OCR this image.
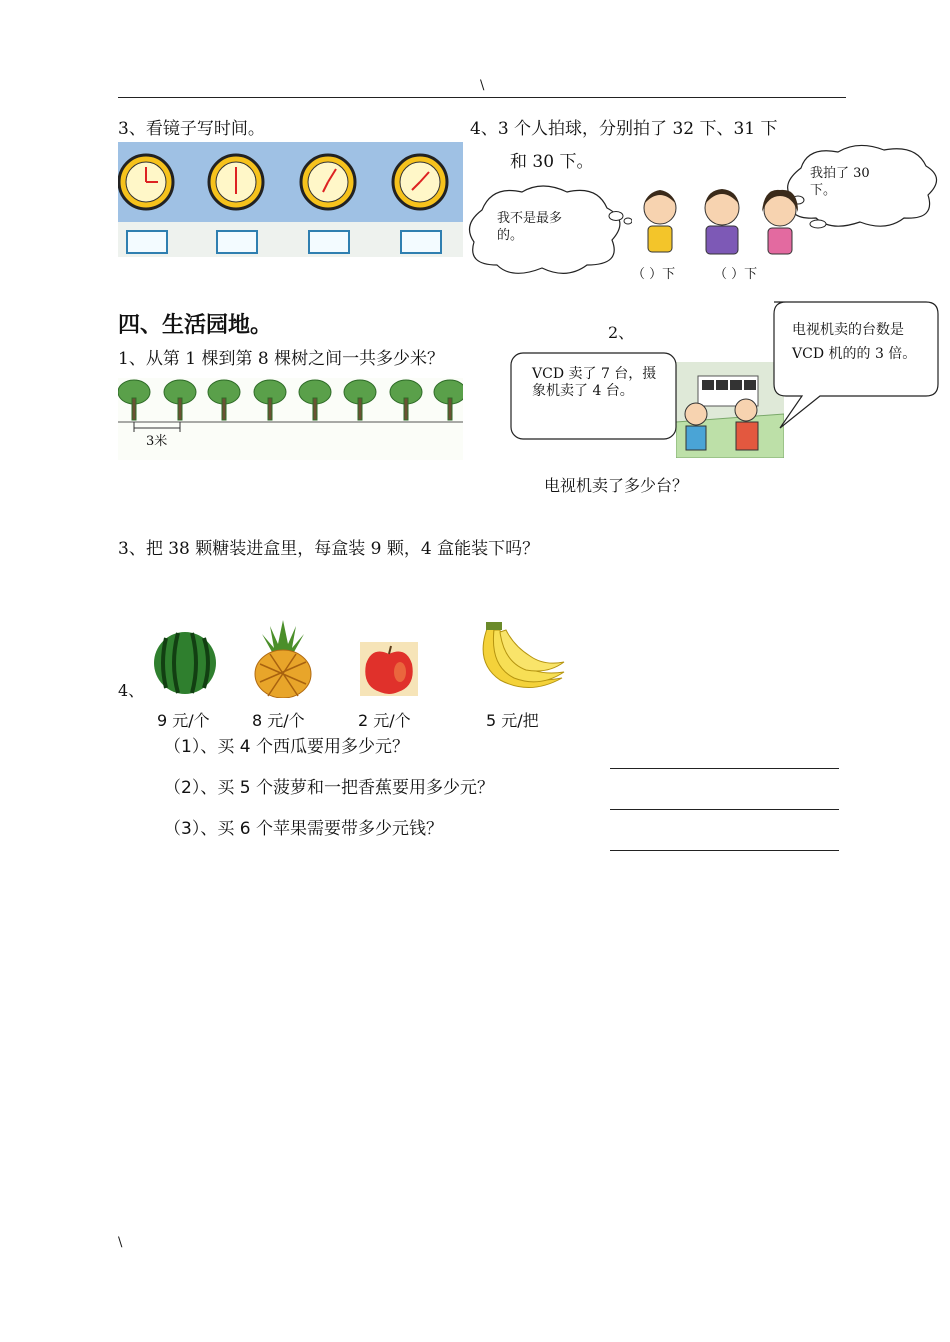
\
3、看镜子写时间。	4、3 个人拍球，分别拍了 32 下、31 下
和 30 下。
我不是最多的。
我拍了 30 下。
（ ）下	（ ）下
四、生活园地。
1、从第 1 棵到第 8 棵树之间一共多少米？
3米
2、
VCD 卖了 7 台，摄象机卖了 4 台。
电视机卖的台数是 VCD 机的的 3 倍。
电视机卖了多少台？
3、把 38 颗糖装进盒里，每盒装 9 颗，4 盒能装下吗？
4、
9 元/个	8 元/个	2 元/个	5 元/把
（1）、买 4 个西瓜要用多少元？
（2）、买 5 个菠萝和一把香蕉要用多少元？
（3）、买 6 个苹果需要带多少元钱？
\
